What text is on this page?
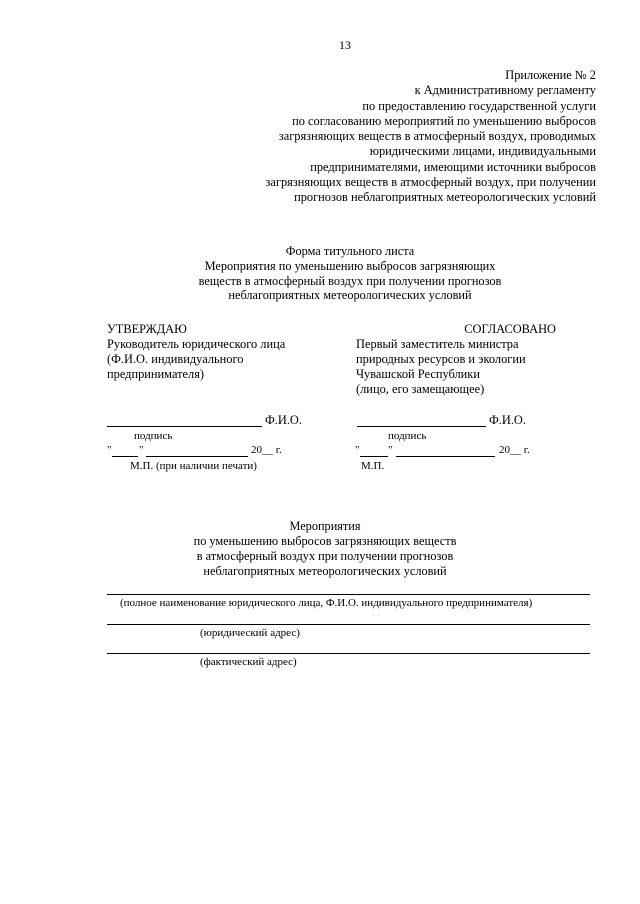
13
Приложение № 2
к Административному регламенту
по предоставлению государственной услуги
по согласованию мероприятий по уменьшению выбросов
загрязняющих веществ в атмосферный воздух, проводимых
юридическими лицами, индивидуальными
предпринимателями, имеющими источники выбросов
загрязняющих веществ в атмосферный воздух, при получении
прогнозов неблагоприятных метеорологических условий
Форма титульного листа
Мероприятия по уменьшению выбросов загрязняющих
веществ в атмосферный воздух при получении прогнозов
неблагоприятных метеорологических условий
УТВЕРЖДАЮ
Руководитель юридического лица
(Ф.И.О. индивидуального
предпринимателя)
СОГЛАСОВАНО
Первый заместитель министра
природных ресурсов и экологии
Чувашской Республики
(лицо, его замещающее)
Ф.И.О.
подпись
"	"	20__ г.
М.П. (при наличии печати)
Ф.И.О.
подпись
"	"	20__ г.
М.П.
Мероприятия
по уменьшению выбросов загрязняющих веществ
в атмосферный воздух при получении прогнозов
неблагоприятных метеорологических условий
(полное наименование юридического лица, Ф.И.О. индивидуального предпринимателя)
(юридический адрес)
(фактический адрес)
